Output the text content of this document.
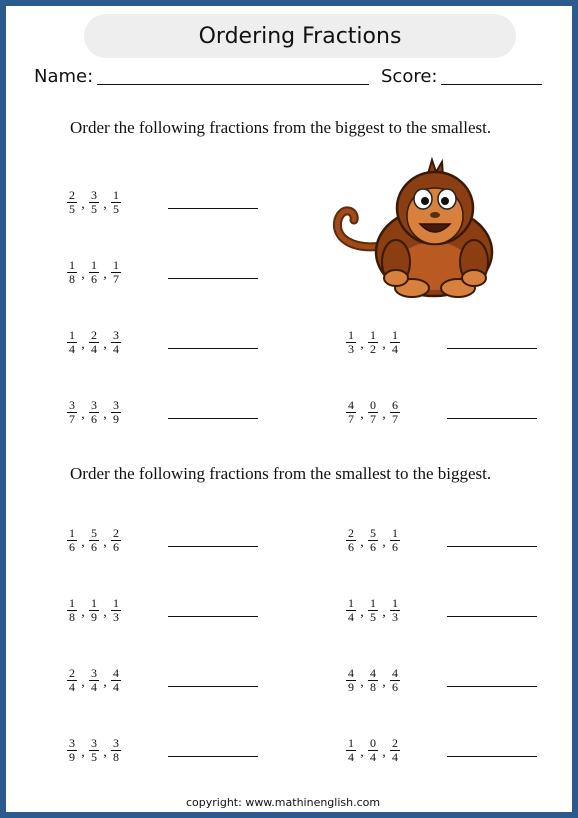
Ordering Fractions
Name:	Score:
Order the following fractions from the biggest to the smallest.
Order the following fractions from the smallest to the biggest.
$\frac{2}{5}$ , $\frac{3}{5}$ , $\frac{1}{5}$
$\frac{1}{8}$ , $\frac{1}{6}$ , $\frac{1}{7}$
$\frac{1}{4}$ , $\frac{2}{4}$ , $\frac{3}{4}$	$\frac{1}{3}$ , $\frac{1}{2}$ , $\frac{1}{4}$
$\frac{3}{7}$ , $\frac{3}{6}$ , $\frac{3}{9}$	$\frac{4}{7}$ , $\frac{0}{7}$ , $\frac{6}{7}$
$\frac{1}{6}$ , $\frac{5}{6}$ , $\frac{2}{6}$	$\frac{2}{6}$ , $\frac{5}{6}$ , $\frac{1}{6}$
$\frac{1}{8}$ , $\frac{1}{9}$ , $\frac{1}{3}$	$\frac{1}{4}$ , $\frac{1}{5}$ , $\frac{1}{3}$
$\frac{2}{4}$ , $\frac{3}{4}$ , $\frac{4}{4}$	$\frac{4}{9}$ , $\frac{4}{8}$ , $\frac{4}{6}$
$\frac{3}{9}$ , $\frac{3}{5}$ , $\frac{3}{8}$	$\frac{1}{4}$ , $\frac{0}{4}$ , $\frac{2}{4}$
copyright: www.mathinenglish.com
